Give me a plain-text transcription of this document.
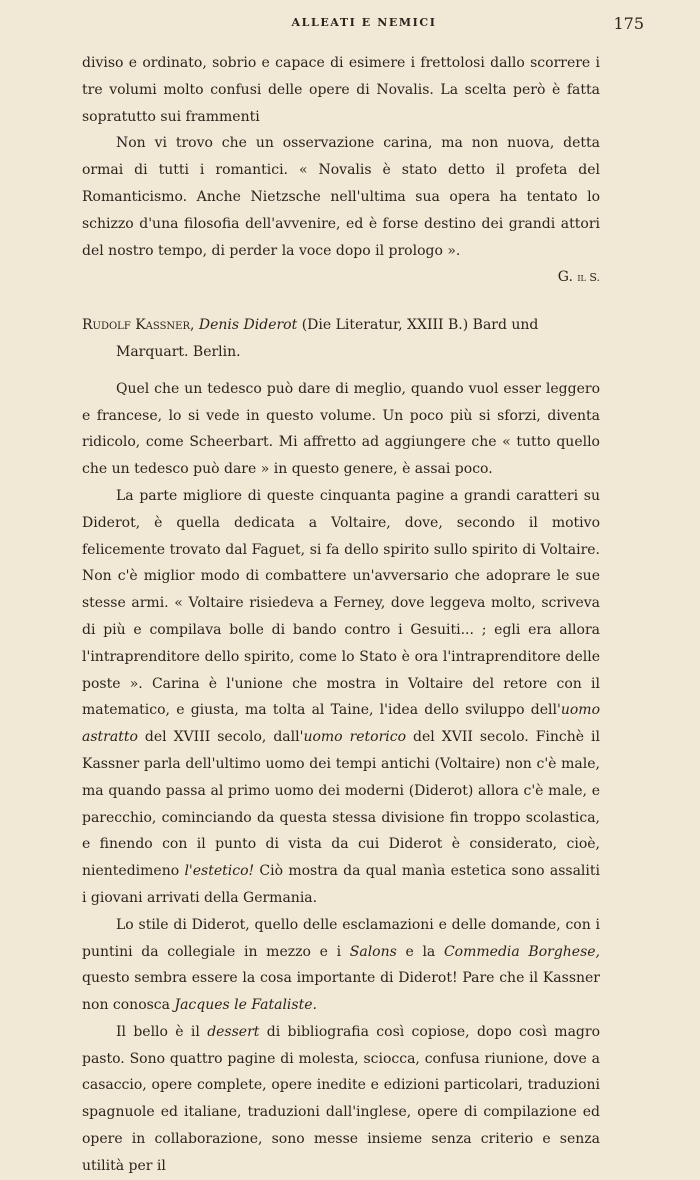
ALLEATI E NEMICI	175

diviso e ordinato, sobrio e capace di esimere i frettolosi dallo scorrere i tre volumi molto confusi delle opere di Novalis. La scelta però è fatta sopratutto sui frammenti

Non vi trovo che un osservazione carina, ma non nuova, detta ormai di tutti i romantici. « Novalis è stato detto il profeta del Romanticismo. Anche Nietzsche nell'ultima sua opera ha tentato lo schizzo d'una filosofia dell'avvenire, ed è forse destino dei grandi attori del nostro tempo, di perder la voce dopo il prologo ».

G. il S.

Rudolf Kassner, Denis Diderot (Die Literatur, XXIII B.) Bard und
Marquart. Berlin.

Quel che un tedesco può dare di meglio, quando vuol esser leggero e francese, lo si vede in questo volume. Un poco più si sforzi, diventa ridicolo, come Scheerbart. Mi affretto ad aggiungere che « tutto quello che un tedesco può dare » in questo genere, è assai poco.

La parte migliore di queste cinquanta pagine a grandi caratteri su Diderot, è quella dedicata a Voltaire, dove, secondo il motivo felicemente trovato dal Faguet, si fa dello spirito sullo spirito di Voltaire. Non c'è miglior modo di combattere un'avversario che adoprare le sue stesse armi. « Voltaire risiedeva a Ferney, dove leggeva molto, scriveva di più e compilava bolle di bando contro i Gesuiti... ; egli era allora l'intraprenditore dello spirito, come lo Stato è ora l'intraprenditore delle poste ». Carina è l'unione che mostra in Voltaire del retore con il matematico, e giusta, ma tolta al Taine, l'idea dello sviluppo dell'uomo astratto del XVIII secolo, dall'uomo retorico del XVII secolo. Finchè il Kassner parla dell'ultimo uomo dei tempi antichi (Voltaire) non c'è male, ma quando passa al primo uomo dei moderni (Diderot) allora c'è male, e parecchio, cominciando da questa stessa divisione fin troppo scolastica, e finendo con il punto di vista da cui Diderot è considerato, cioè, nientedimeno l'estetico! Ciò mostra da qual manìa estetica sono assaliti i giovani arrivati della Germania.

Lo stile di Diderot, quello delle esclamazioni e delle domande, con i puntini da collegiale in mezzo e i Salons e la Commedia Borghese, questo sembra essere la cosa importante di Diderot! Pare che il Kassner non conosca Jacques le Fataliste.

Il bello è il dessert di bibliografia così copiose, dopo così magro pasto. Sono quattro pagine di molesta, sciocca, confusa riunione, dove a casaccio, opere complete, opere inedite e edizioni particolari, traduzioni spagnuole ed italiane, traduzioni dall'inglese, opere di compilazione ed opere in collaborazione, sono messe insieme senza criterio e senza utilità per il
